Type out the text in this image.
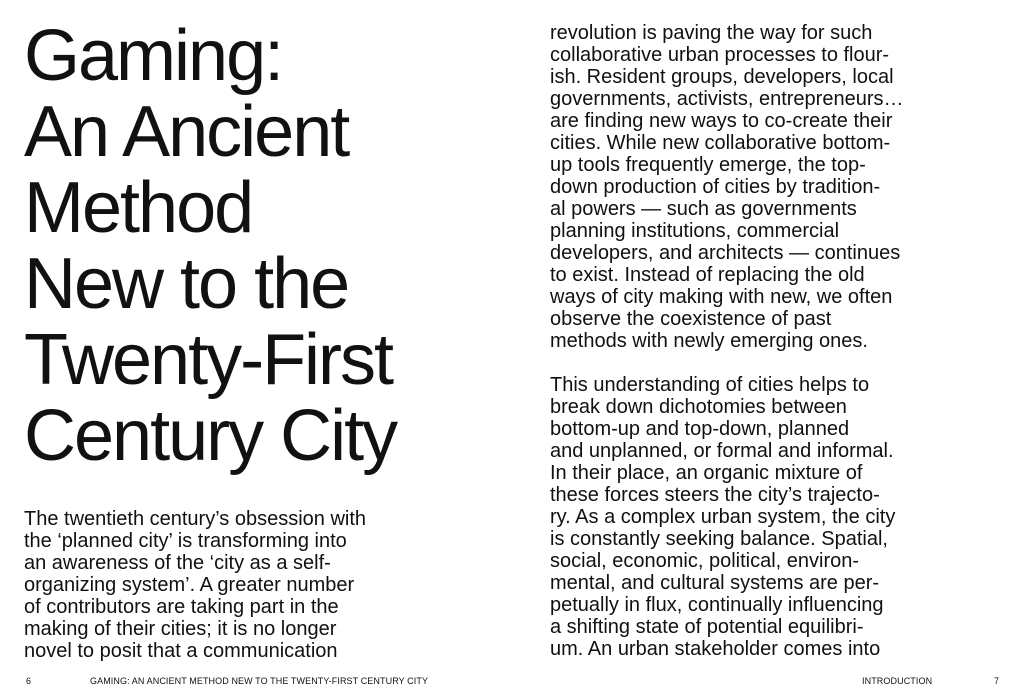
Gaming:
An Ancient
Method
New to the
Twenty-First
Century City
The twentieth century’s obsession with
the ‘planned city’ is transforming into
an awareness of the ‘city as a self-
organizing system’. A greater number
of contributors are taking part in the
making of their cities; it is no longer
novel to posit that a communication
revolution is paving the way for such
collaborative urban processes to flour-
ish. Resident groups, developers, local
governments, activists, entrepreneurs…
are finding new ways to co-create their
cities. While new collaborative bottom-
up tools frequently emerge, the top-
down production of cities by tradition-
al powers — such as governments
planning institutions, commercial
developers, and architects — continues
to exist. Instead of replacing the old
ways of city making with new, we often
observe the coexistence of past
methods with newly emerging ones.
This understanding of cities helps to
break down dichotomies between
bottom-up and top-down, planned
and unplanned, or formal and informal.
In their place, an organic mixture of
these forces steers the city’s trajecto-
ry. As a complex urban system, the city
is constantly seeking balance. Spatial,
social, economic, political, environ-
mental, and cultural systems are per-
petually in flux, continually influencing
a shifting state of potential equilibri-
um. An urban stakeholder comes into
6	GAMING: AN ANCIENT METHOD NEW TO THE TWENTY-FIRST CENTURY CITY	INTRODUCTION	7
